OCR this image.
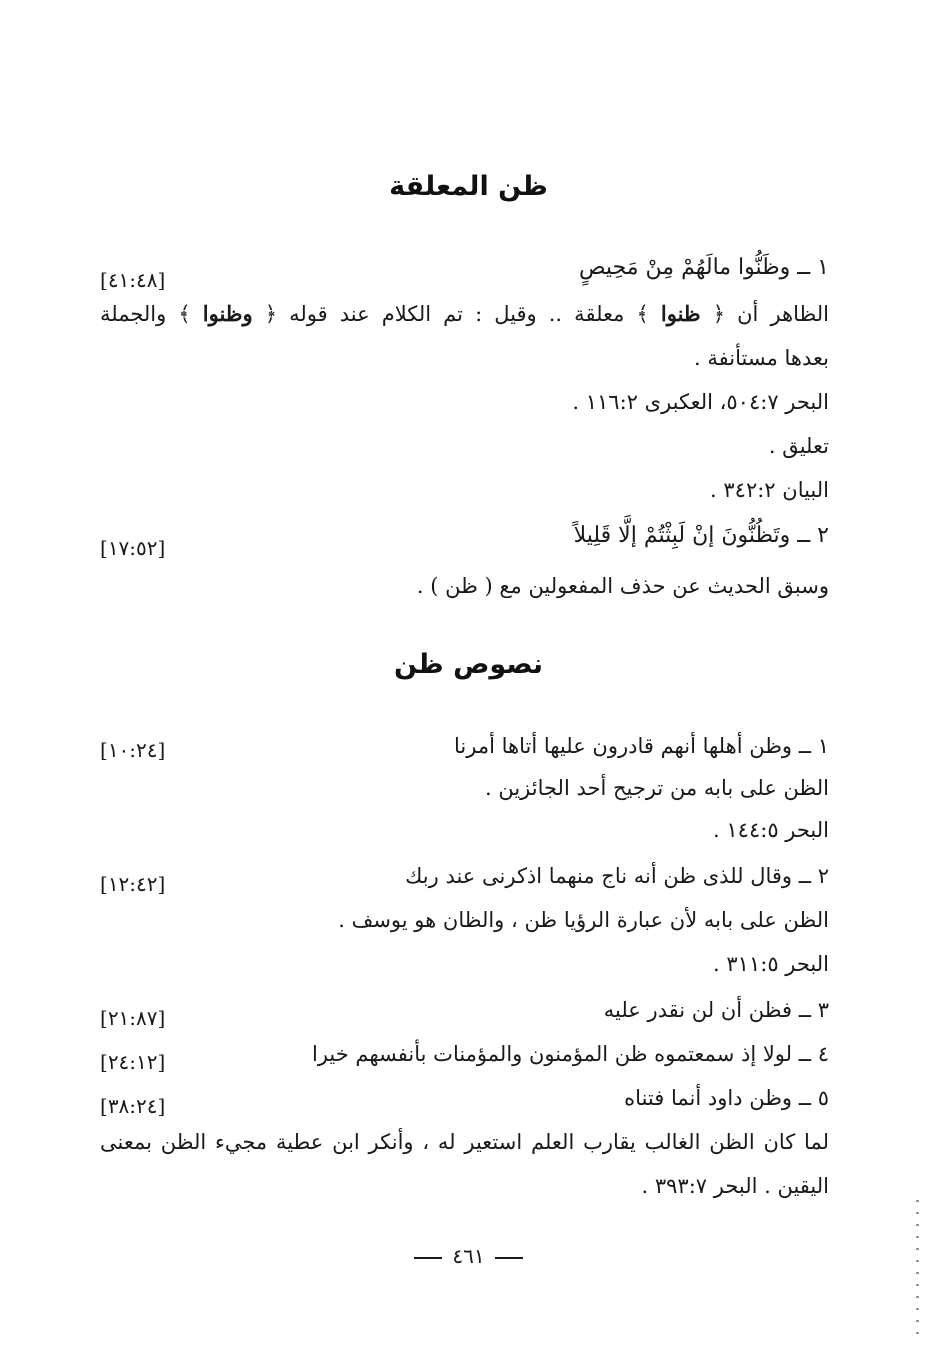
ظن المعلقة
١ ــ وظَنُّوا مالَهُمْ مِنْ مَحِيصٍ
[٤١:٤٨]
الظاهر أن ﴿ ظنوا ﴾ معلقة .. وقيل : تم الكلام عند قوله ﴿ وظنوا ﴾ والجملة
بعدها مستأنفة .
البحر ٥٠٤:٧، العكبرى ١١٦:٢ .
تعليق .
البيان ٣٤٢:٢ .
٢ ــ وتَظُنُّونَ إنْ لَبِثْتُمْ إلَّا قَلِيلاً
[١٧:٥٢]
وسبق الحديث عن حذف المفعولين مع ( ظن ) .
نصوص ظن
١ ــ وظن أهلها أنهم قادرون عليها أتاها أمرنا
[١٠:٢٤]
الظن على بابه من ترجيح أحد الجائزين .
البحر ١٤٤:٥ .
٢ ــ وقال للذى ظن أنه ناج منهما اذكرنى عند ربك
[١٢:٤٢]
الظن على بابه لأن عبارة الرؤيا ظن ، والظان هو يوسف .
البحر ٣١١:٥ .
٣ ــ فظن أن لن نقدر عليه
[٢١:٨٧]
٤ ــ لولا إذ سمعتموه ظن المؤمنون والمؤمنات بأنفسهم خيرا
[٢٤:١٢]
٥ ــ وظن داود أنما فتناه
[٣٨:٢٤]
لما كان الظن الغالب يقارب العلم استعير له ، وأنكر ابن عطية مجيء الظن بمعنى
اليقين . البحر ٣٩٣:٧ .
٤٦١
